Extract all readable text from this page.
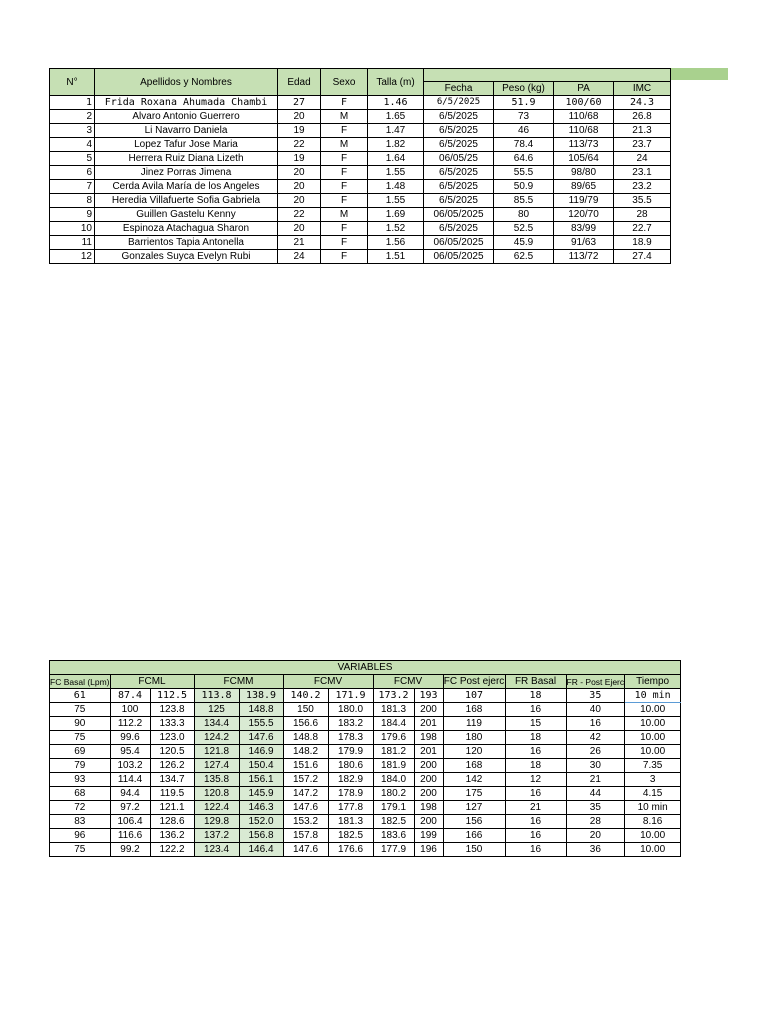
N°	Apellidos y Nombres	Edad	Sexo	Talla (m)				
					Fecha	Peso (kg)	PA	IMC
1	Frida Roxana Ahumada Chambi	27	F	1.46	6/5/2025	51.9	100/60	24.3
2	Alvaro Antonio Guerrero	20	M	1.65	6/5/2025	73	110/68	26.8
3	Li Navarro Daniela	19	F	1.47	6/5/2025	46	110/68	21.3
4	Lopez Tafur Jose Maria	22	M	1.82	6/5/2025	78.4	113/73	23.7
5	Herrera Ruiz Diana Lizeth	19	F	1.64	06/05/25	64.6	105/64	24
6	Jinez Porras Jimena	20	F	1.55	6/5/2025	55.5	98/80	23.1
7	Cerda Avila María de los Angeles	20	F	1.48	6/5/2025	50.9	89/65	23.2
8	Heredia Villafuerte Sofia Gabriela	20	F	1.55	6/5/2025	85.5	119/79	35.5
9	Guillen Gastelu Kenny	22	M	1.69	06/05/2025	80	120/70	28
10	Espinoza Atachagua Sharon	20	F	1.52	6/5/2025	52.5	83/99	22.7
11	Barrientos Tapia Antonella	21	F	1.56	06/05/2025	45.9	91/63	18.9
12	Gonzales Suyca Evelyn Rubi	24	F	1.51	06/05/2025	62.5	113/72	27.4
VARIABLES												
FC Basal (Lpm)	FCML		FCMM		FCMV		FCMV		FC Post ejerc	FR Basal	FR - Post Ejerc	Tiempo
61	87.4	112.5	113.8	138.9	140.2	171.9	173.2	193	107	18	35	10 min
75	100	123.8	125	148.8	150	180.0	181.3	200	168	16	40	10.00
90	112.2	133.3	134.4	155.5	156.6	183.2	184.4	201	119	15	16	10.00
75	99.6	123.0	124.2	147.6	148.8	178.3	179.6	198	180	18	42	10.00
69	95.4	120.5	121.8	146.9	148.2	179.9	181.2	201	120	16	26	10.00
79	103.2	126.2	127.4	150.4	151.6	180.6	181.9	200	168	18	30	7.35
93	114.4	134.7	135.8	156.1	157.2	182.9	184.0	200	142	12	21	3
68	94.4	119.5	120.8	145.9	147.2	178.9	180.2	200	175	16	44	4.15
72	97.2	121.1	122.4	146.3	147.6	177.8	179.1	198	127	21	35	10 min
83	106.4	128.6	129.8	152.0	153.2	181.3	182.5	200	156	16	28	8.16
96	116.6	136.2	137.2	156.8	157.8	182.5	183.6	199	166	16	20	10.00
75	99.2	122.2	123.4	146.4	147.6	176.6	177.9	196	150	16	36	10.00
